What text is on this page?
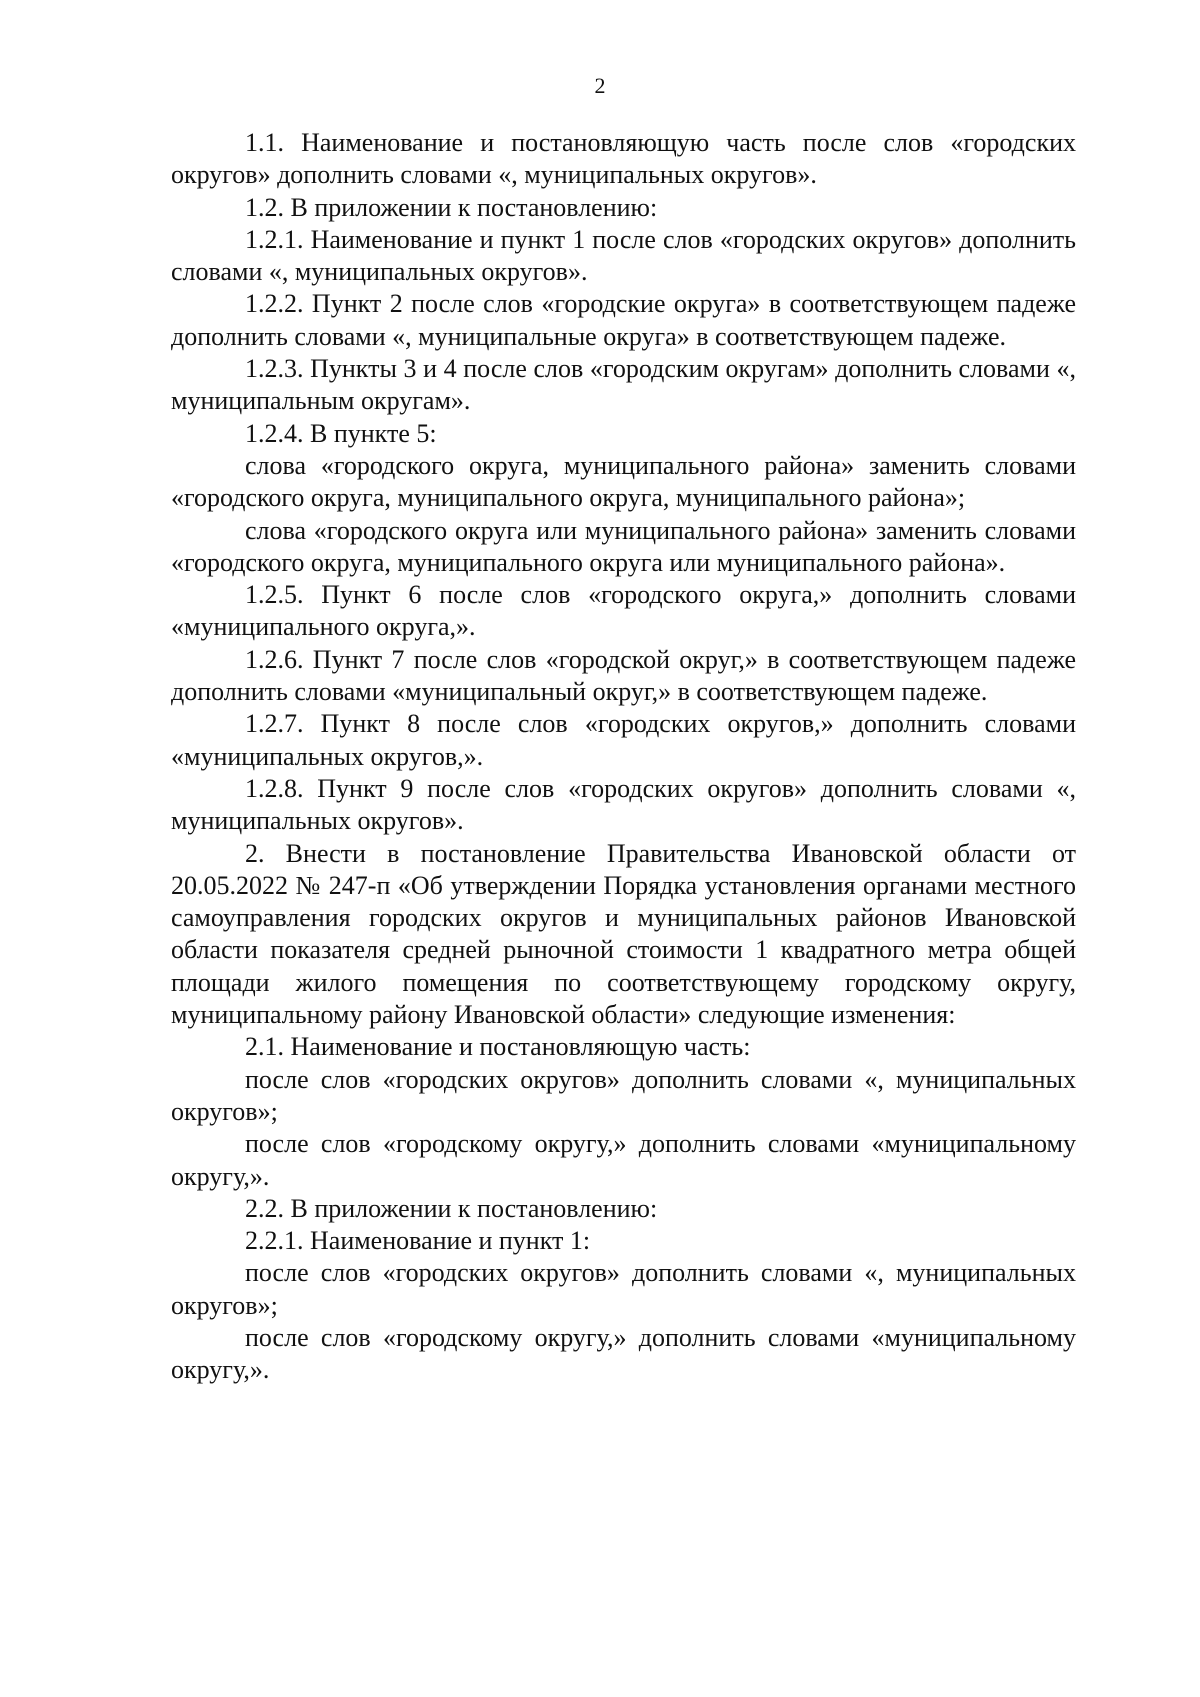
2

1.1. Наименование и постановляющую часть после слов «городских округов» дополнить словами «, муниципальных округов».

1.2. В приложении к постановлению:

1.2.1. Наименование и пункт 1 после слов «городских округов» дополнить словами «, муниципальных округов».

1.2.2. Пункт 2 после слов «городские округа» в соответствующем падеже дополнить словами «, муниципальные округа» в соответствующем падеже.

1.2.3. Пункты 3 и 4 после слов «городским округам» дополнить словами «, муниципальным округам».

1.2.4. В пункте 5:

слова «городского округа, муниципального района» заменить словами «городского округа, муниципального округа, муниципального района»;

слова «городского округа или муниципального района» заменить словами «городского округа, муниципального округа или муниципального района».

1.2.5. Пункт 6 после слов «городского округа,» дополнить словами «муниципального округа,».

1.2.6. Пункт 7 после слов «городской округ,» в соответствующем падеже дополнить словами «муниципальный округ,» в соответствующем падеже.

1.2.7. Пункт 8 после слов «городских округов,» дополнить словами «муниципальных округов,».

1.2.8. Пункт 9 после слов «городских округов» дополнить словами «, муниципальных округов».

2. Внести в постановление Правительства Ивановской области от 20.05.2022 № 247-п «Об утверждении Порядка установления органами местного самоуправления городских округов и муниципальных районов Ивановской области показателя средней рыночной стоимости 1 квадратного метра общей площади жилого помещения по соответствующему городскому округу, муниципальному району Ивановской области» следующие изменения:

2.1. Наименование и постановляющую часть:

после слов «городских округов» дополнить словами «, муниципальных округов»;

после слов «городскому округу,» дополнить словами «муниципальному округу,».

2.2. В приложении к постановлению:

2.2.1. Наименование и пункт 1:

после слов «городских округов» дополнить словами «, муниципальных округов»;

после слов «городскому округу,» дополнить словами «муниципальному округу,».
